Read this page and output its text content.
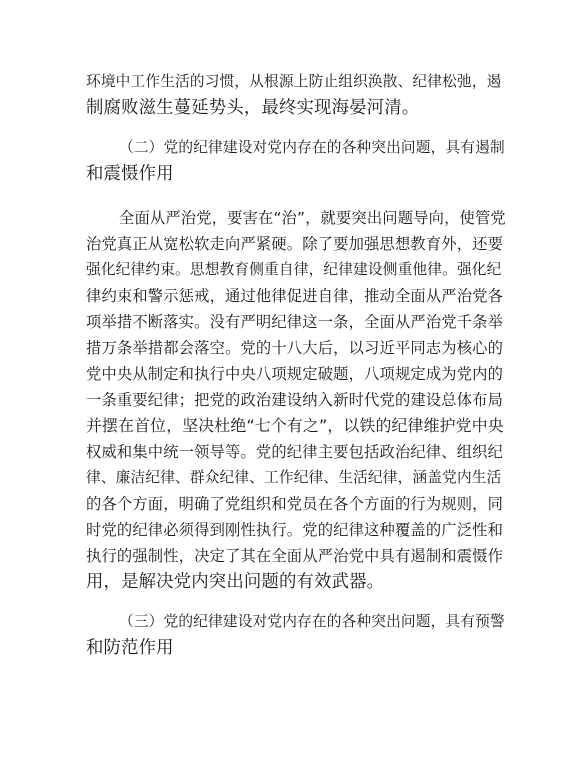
环境中工作生活的习惯，从根源上防止组织涣散、纪律松弛，遏
制腐败滋生蔓延势头，最终实现海晏河清。

（二）党的纪律建设对党内存在的各种突出问题，具有遏制
和震慑作用

全面从严治党，要害在“治”，就要突出问题导向，使管党
治党真正从宽松软走向严紧硬。除了要加强思想教育外，还要
强化纪律约束。思想教育侧重自律，纪律建设侧重他律。强化纪
律约束和警示惩戒，通过他律促进自律，推动全面从严治党各
项举措不断落实。没有严明纪律这一条，全面从严治党千条举
措万条举措都会落空。党的十八大后，以习近平同志为核心的
党中央从制定和执行中央八项规定破题，八项规定成为党内的
一条重要纪律；把党的政治建设纳入新时代党的建设总体布局
并摆在首位，坚决杜绝“七个有之”，以铁的纪律维护党中央
权威和集中统一领导等。党的纪律主要包括政治纪律、组织纪
律、廉洁纪律、群众纪律、工作纪律、生活纪律，涵盖党内生活
的各个方面，明确了党组织和党员在各个方面的行为规则，同
时党的纪律必须得到刚性执行。党的纪律这种覆盖的广泛性和
执行的强制性，决定了其在全面从严治党中具有遏制和震慑作
用，是解决党内突出问题的有效武器。

（三）党的纪律建设对党内存在的各种突出问题，具有预警
和防范作用
